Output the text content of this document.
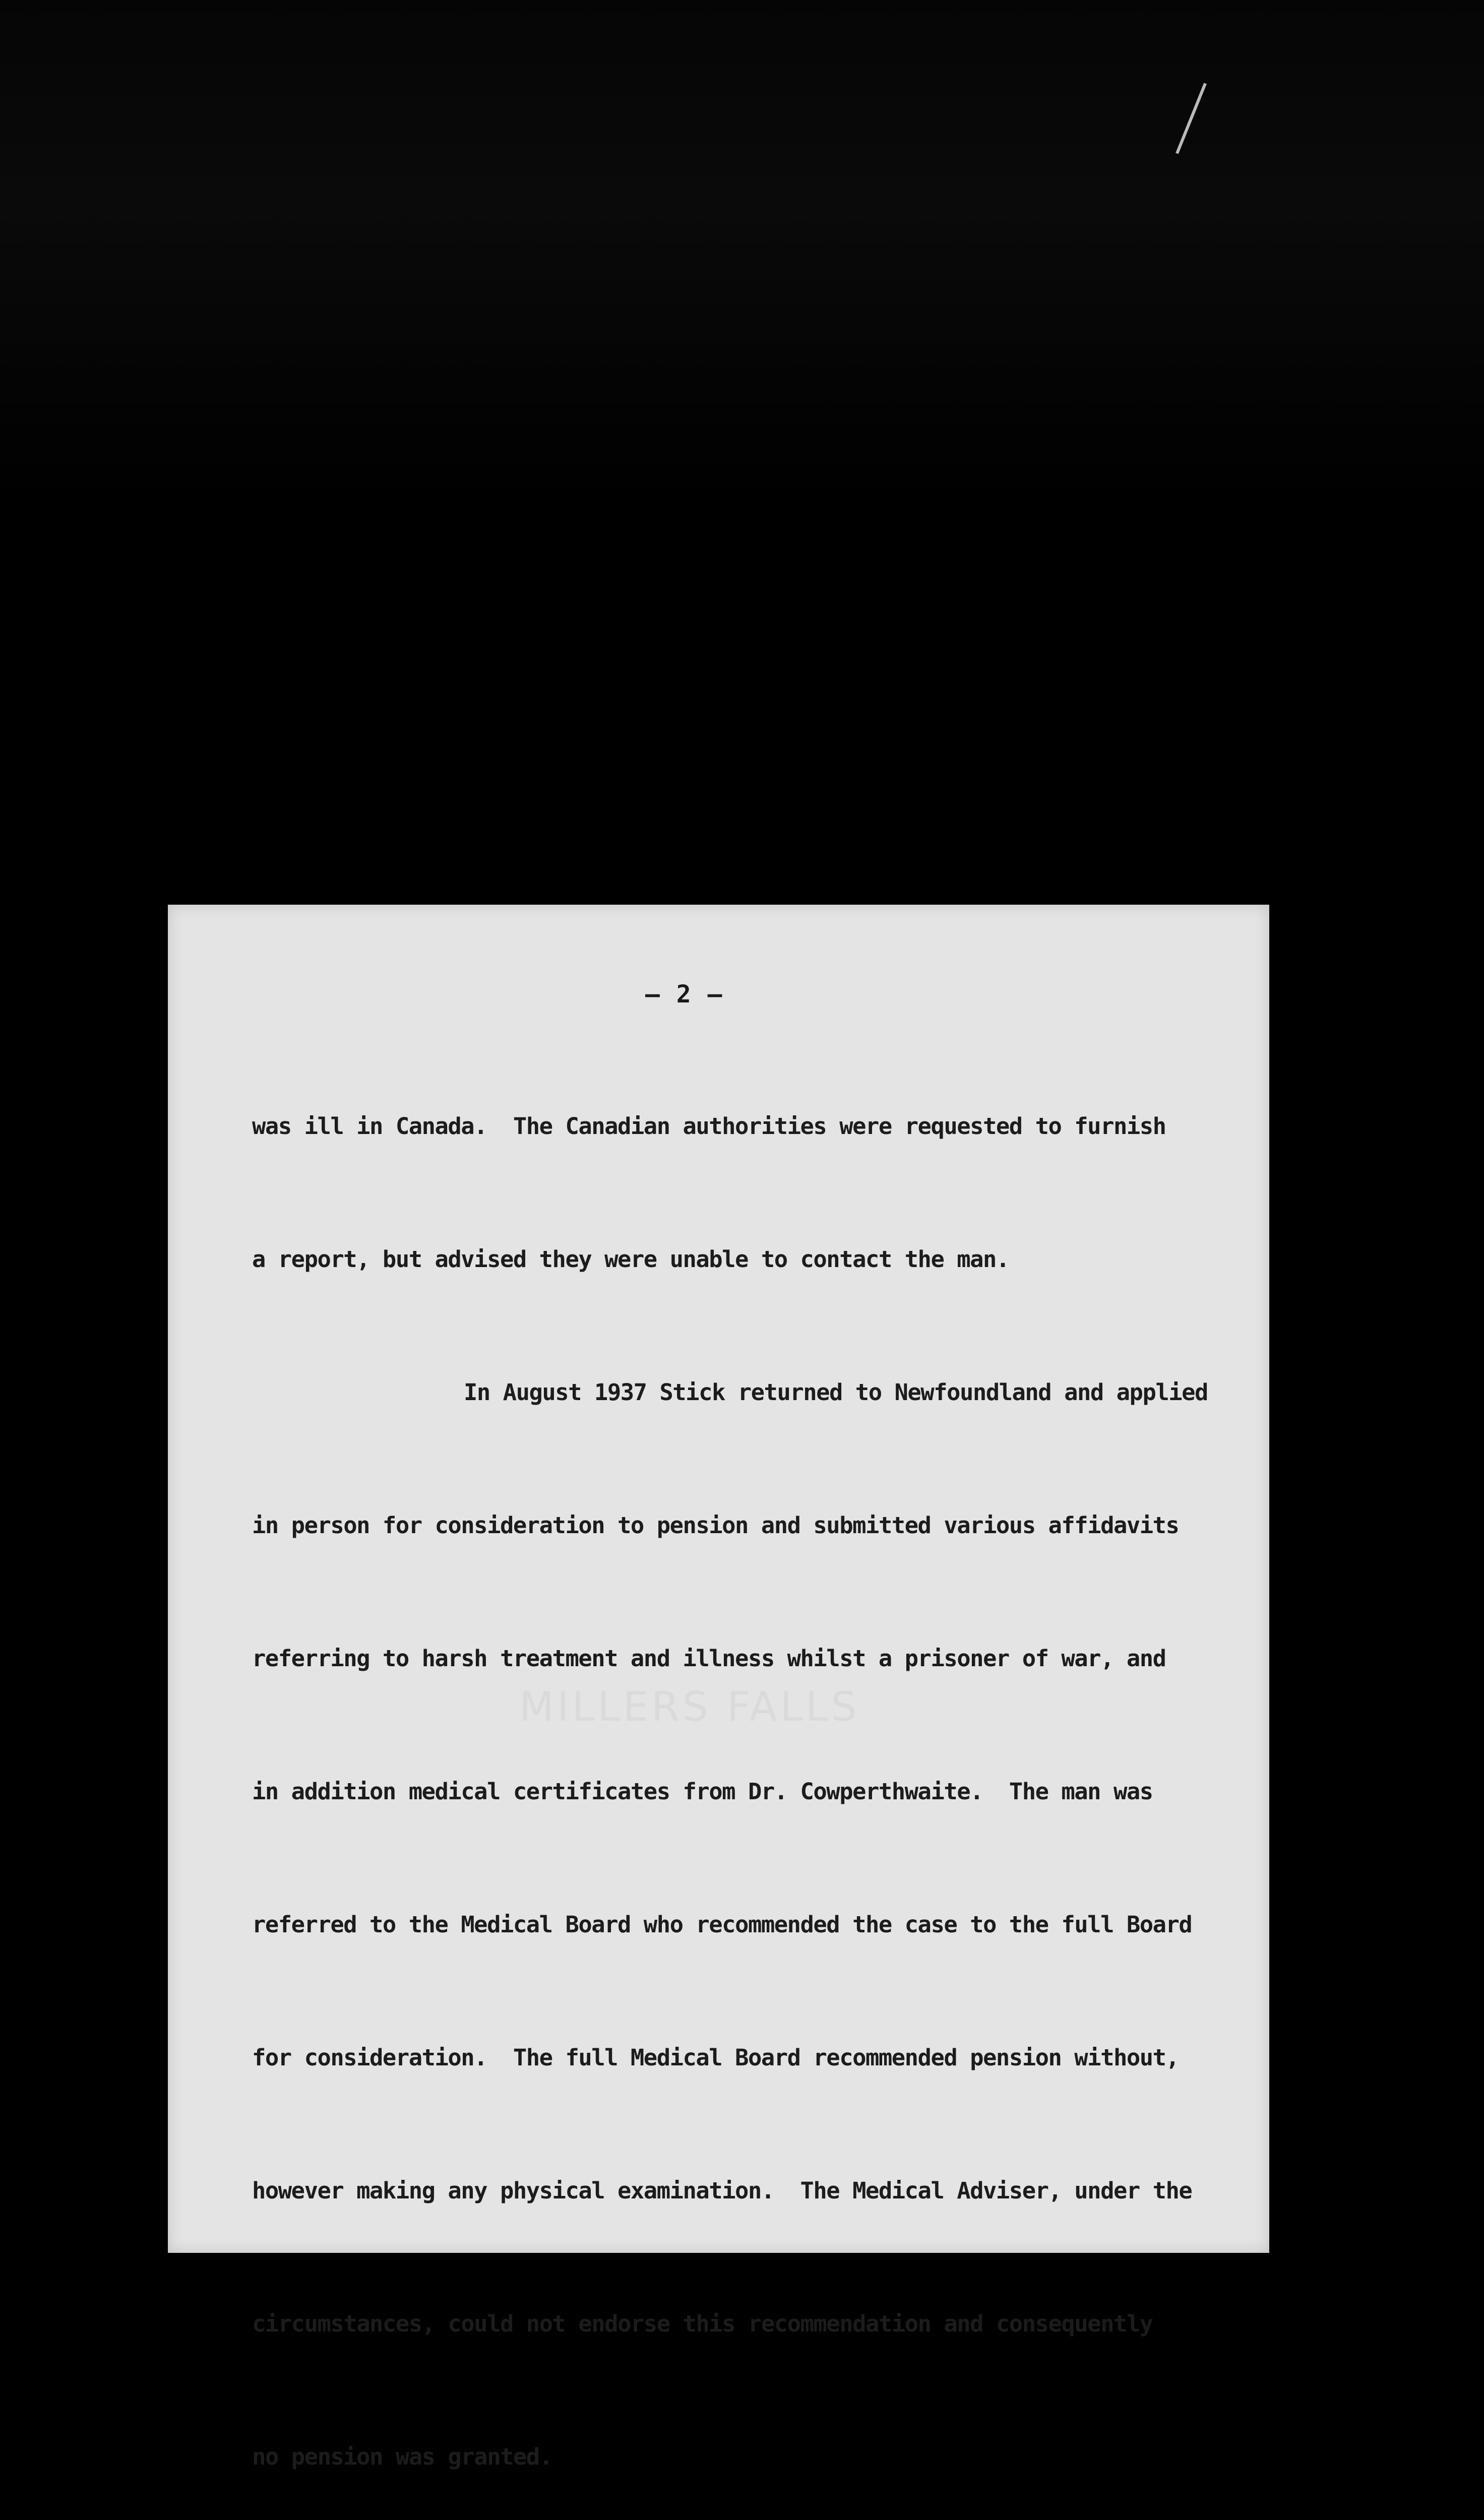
— 2 —
MILLERS FALLS

was ill in Canada.  The Canadian authorities were requested to furnish

a report, but advised they were unable to contact the man.

In August 1937 Stick returned to Newfoundland and applied

in person for consideration to pension and submitted various affidavits

referring to harsh treatment and illness whilst a prisoner of war, and

in addition medical certificates from Dr. Cowperthwaite.  The man was

referred to the Medical Board who recommended the case to the full Board

for consideration.  The full Medical Board recommended pension without,

however making any physical examination.  The Medical Adviser, under the

circumstances, could not endorse this recommendation and consequently

no pension was granted.
